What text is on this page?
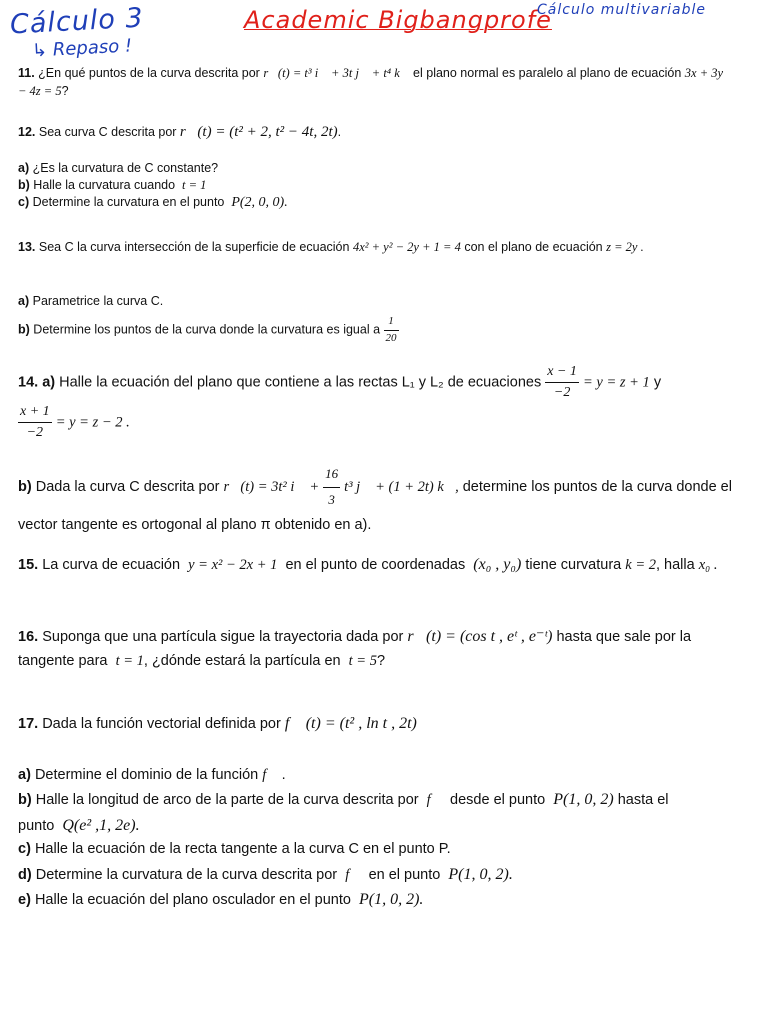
Cálculo 3
↳ Repaso !
Academic Bigbangprofe
Cálculo multivariable
11. ¿En qué puntos de la curva descrita por r⃗(t) = t³ i⃗ + 3t j⃗ + t⁴ k⃗ el plano normal es paralelo al plano de ecuación 3x + 3y − 4z = 5?
12. Sea curva C descrita por r⃗(t) = (t² + 2, t² − 4t, 2t).
a) ¿Es la curvatura de C constante?
b) Halle la curvatura cuando t = 1
c) Determine la curvatura en el punto P(2, 0, 0).
13. Sea C la curva intersección de la superficie de ecuación 4x² + y² − 2y + 1 = 4 con el plano de ecuación z = 2y .
a) Parametrice la curva C.
b) Determine los puntos de la curva donde la curvatura es igual a $\frac{1}{20}$
14. a) Halle la ecuación del plano que contiene a las rectas L₁ y L₂ de ecuaciones $\frac{x - 1}{-2} = y = z + 1$ y
$\frac{x + 1}{-2} = y = z - 2$ .
b) Dada la curva C descrita por r⃗(t) = 3t² i⃗ + $\frac{16}{3} t^3$ j⃗ + (1 + 2t) k⃗, determine los puntos de la curva donde el vector tangente es ortogonal al plano π obtenido en a).
15. La curva de ecuación y = x² − 2x + 1 en el punto de coordenadas (x₀ , y₀) tiene curvatura k = 2, halla x₀ .
16. Suponga que una partícula sigue la trayectoria dada por r⃗(t) = (cos t , eᵗ , e⁻ᵗ) hasta que sale por la tangente para t = 1, ¿dónde estará la partícula en t = 5?
17. Dada la función vectorial definida por f⃗ (t) = (t² , ln t , 2t)
a) Determine el dominio de la función f⃗ .
b) Halle la longitud de arco de la parte de la curva descrita por f⃗ desde el punto P(1, 0, 2) hasta el punto Q(e² ,1, 2e).
c) Halle la ecuación de la recta tangente a la curva C en el punto P.
d) Determine la curvatura de la curva descrita por f⃗ en el punto P(1, 0, 2).
e) Halle la ecuación del plano osculador en el punto P(1, 0, 2).
